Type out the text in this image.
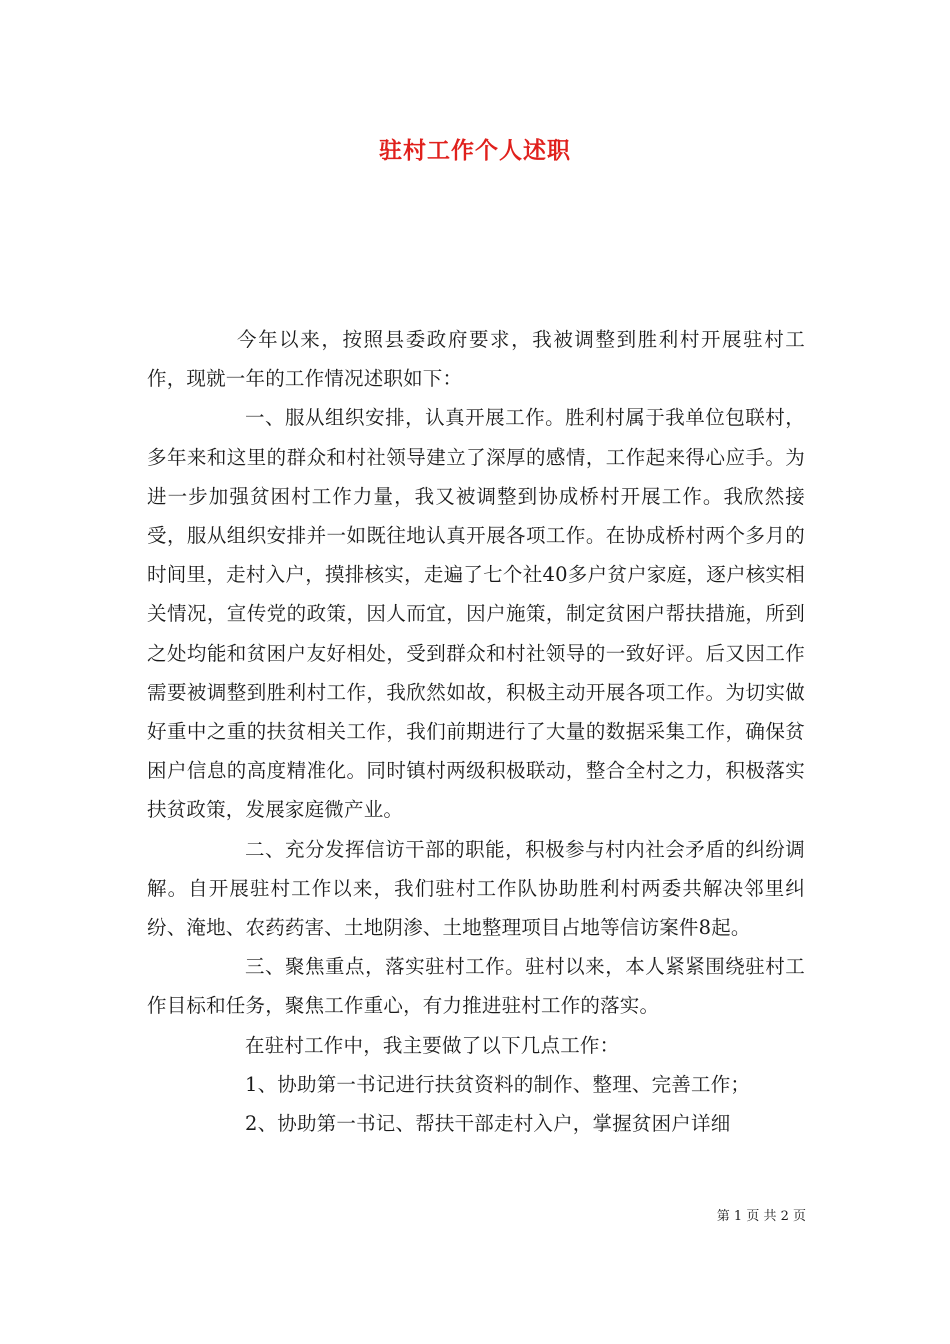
驻村工作个人述职

今年以来，按照县委政府要求，我被调整到胜利村开展驻村工作，现就一年的工作情况述职如下：

一、服从组织安排，认真开展工作。胜利村属于我单位包联村，多年来和这里的群众和村社领导建立了深厚的感情，工作起来得心应手。为进一步加强贫困村工作力量，我又被调整到协成桥村开展工作。我欣然接受，服从组织安排并一如既往地认真开展各项工作。在协成桥村两个多月的时间里，走村入户，摸排核实，走遍了七个社40多户贫户家庭，逐户核实相关情况，宣传党的政策，因人而宜，因户施策，制定贫困户帮扶措施，所到之处均能和贫困户友好相处，受到群众和村社领导的一致好评。后又因工作需要被调整到胜利村工作，我欣然如故，积极主动开展各项工作。为切实做好重中之重的扶贫相关工作，我们前期进行了大量的数据采集工作，确保贫困户信息的高度精准化。同时镇村两级积极联动，整合全村之力，积极落实扶贫政策，发展家庭微产业。

二、充分发挥信访干部的职能，积极参与村内社会矛盾的纠纷调解。自开展驻村工作以来，我们驻村工作队协助胜利村两委共解决邻里纠纷、淹地、农药药害、土地阴渗、土地整理项目占地等信访案件8起。

三、聚焦重点，落实驻村工作。驻村以来，本人紧紧围绕驻村工作目标和任务，聚焦工作重心，有力推进驻村工作的落实。

在驻村工作中，我主要做了以下几点工作：

1、协助第一书记进行扶贫资料的制作、整理、完善工作；

2、协助第一书记、帮扶干部走村入户，掌握贫困户详细

第 1 页 共 2 页
